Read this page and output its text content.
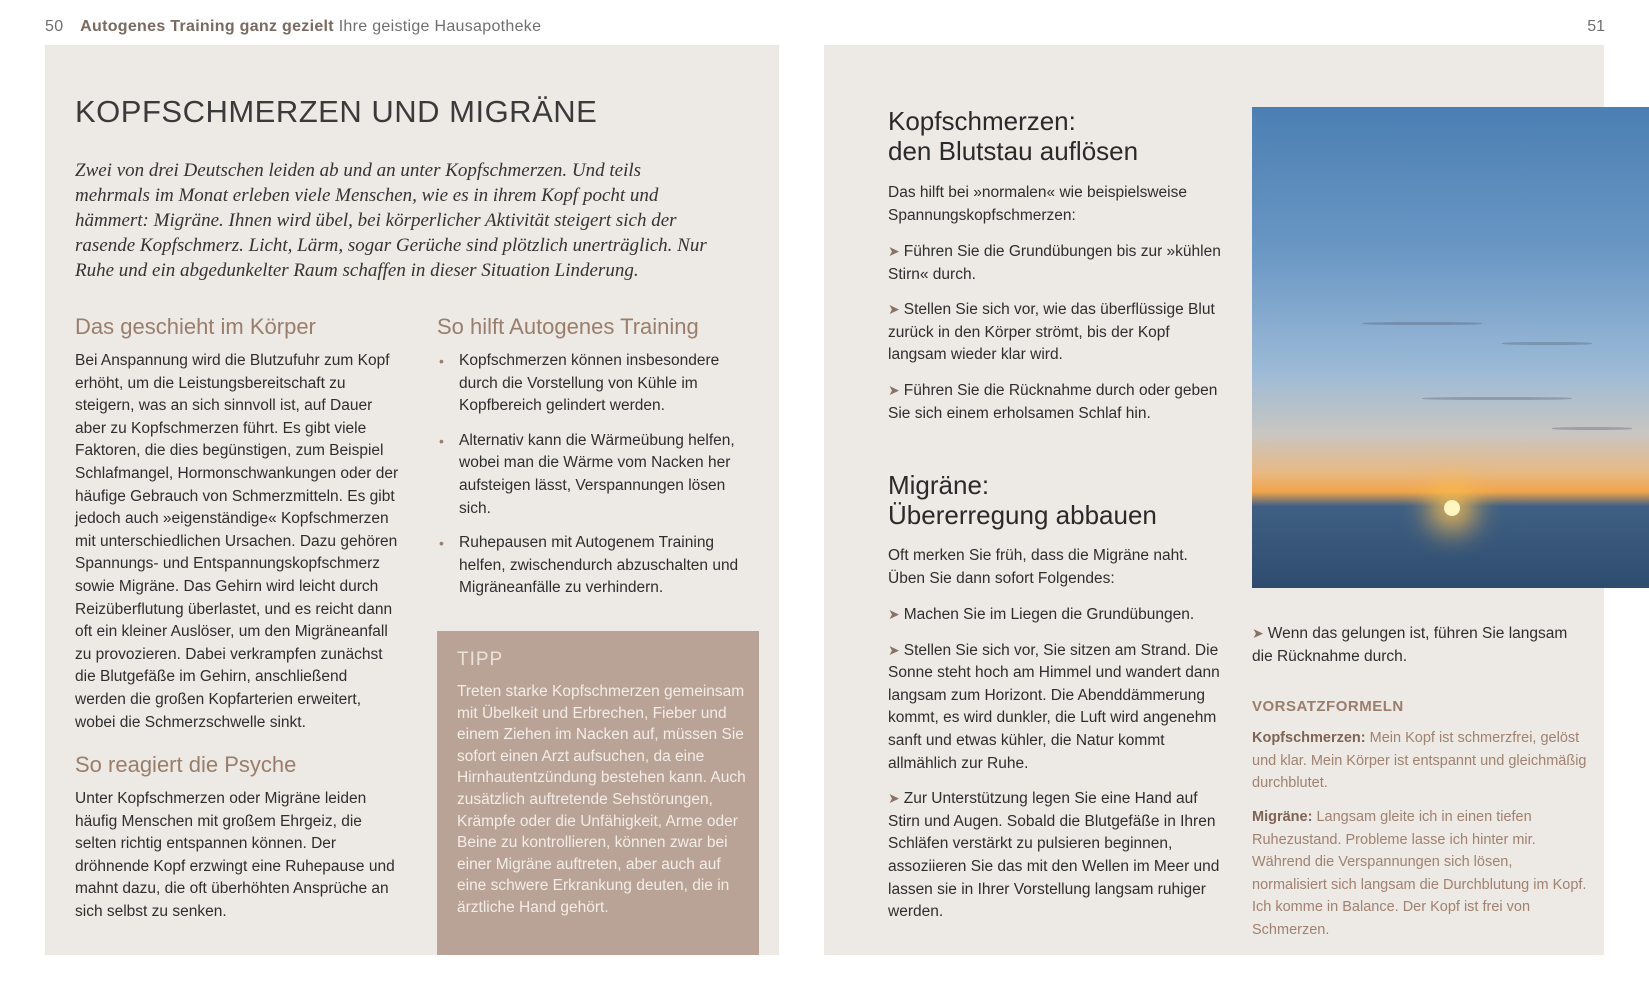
50 Autogenes Training ganz gezielt Ihre geistige Hausapotheke	51
KOPFSCHMERZEN UND MIGRÄNE
Zwei von drei Deutschen leiden ab und an unter Kopfschmerzen. Und teils mehrmals im Monat erleben viele Menschen, wie es in ihrem Kopf pocht und hämmert: Migräne. Ihnen wird übel, bei körperlicher Aktivität steigert sich der rasende Kopfschmerz. Licht, Lärm, sogar Gerüche sind plötzlich unerträglich. Nur Ruhe und ein abgedunkelter Raum schaffen in dieser Situation Linderung.
Das geschieht im Körper

Bei Anspannung wird die Blutzufuhr zum Kopf erhöht, um die Leistungsbereitschaft zu steigern, was an sich sinnvoll ist, auf Dauer aber zu Kopfschmerzen führt. Es gibt viele Faktoren, die dies begünstigen, zum Beispiel Schlafmangel, Hormonschwankungen oder der häufige Gebrauch von Schmerzmitteln. Es gibt jedoch auch »eigenständige« Kopfschmerzen mit unterschiedlichen Ursachen. Dazu gehören Spannungs- und Entspannungskopfschmerz sowie Migräne. Das Gehirn wird leicht durch Reizüberflutung überlastet, und es reicht dann oft ein kleiner Auslöser, um den Migräneanfall zu provozieren. Dabei verkrampfen zunächst die Blutgefäße im Gehirn, anschließend werden die großen Kopfarterien erweitert, wobei die Schmerzschwelle sinkt.

So reagiert die Psyche

Unter Kopfschmerzen oder Migräne leiden häufig Menschen mit großem Ehrgeiz, die selten richtig entspannen können. Der dröhnende Kopf erzwingt eine Ruhepause und mahnt dazu, die oft überhöhten Ansprüche an sich selbst zu senken.

So hilft Autogenes Training
• Kopfschmerzen können insbesondere durch die Vorstellung von Kühle im Kopfbereich gelindert werden.
• Alternativ kann die Wärmeübung helfen, wobei man die Wärme vom Nacken her aufsteigen lässt, Verspannungen lösen sich.
• Ruhepausen mit Autogenem Training helfen, zwischendurch abzuschalten und Migräneanfälle zu verhindern.
TIPP
Treten starke Kopfschmerzen gemeinsam mit Übelkeit und Erbrechen, Fieber und einem Ziehen im Nacken auf, müssen Sie sofort einen Arzt aufsuchen, da eine Hirnhautentzündung bestehen kann. Auch zusätzlich auftretende Sehstörungen, Krämpfe oder die Unfähigkeit, Arme oder Beine zu kontrollieren, können zwar bei einer Migräne auftreten, aber auch auf eine schwere Erkrankung deuten, die in ärztliche Hand gehört.
Kopfschmerzen:
den Blutstau auflösen
Das hilft bei »normalen« wie beispielsweise Spannungskopfschmerzen:
➤ Führen Sie die Grundübungen bis zur »kühlen Stirn« durch.
➤ Stellen Sie sich vor, wie das überflüssige Blut zurück in den Körper strömt, bis der Kopf langsam wieder klar wird.
➤ Führen Sie die Rücknahme durch oder geben Sie sich einem erholsamen Schlaf hin.
Migräne:
Übererregung abbauen
Oft merken Sie früh, dass die Migräne naht. Üben Sie dann sofort Folgendes:
➤ Machen Sie im Liegen die Grundübungen.
➤ Stellen Sie sich vor, Sie sitzen am Strand. Die Sonne steht hoch am Himmel und wandert dann langsam zum Horizont. Die Abenddämmerung kommt, es wird dunkler, die Luft wird angenehm sanft und etwas kühler, die Natur kommt allmählich zur Ruhe.
➤ Zur Unterstützung legen Sie eine Hand auf Stirn und Augen. Sobald die Blutgefäße in Ihren Schläfen verstärkt zu pulsieren beginnen, assoziieren Sie das mit den Wellen im Meer und lassen sie in Ihrer Vorstellung langsam ruhiger werden.
➤ Wenn das gelungen ist, führen Sie langsam die Rücknahme durch.
VORSATZFORMELN
Kopfschmerzen: Mein Kopf ist schmerzfrei, gelöst und klar. Mein Körper ist entspannt und gleichmäßig durchblutet.
Migräne: Langsam gleite ich in einen tiefen Ruhezustand. Probleme lasse ich hinter mir. Während die Verspannungen sich lösen, normalisiert sich langsam die Durchblutung im Kopf. Ich komme in Balance. Der Kopf ist frei von Schmerzen.
